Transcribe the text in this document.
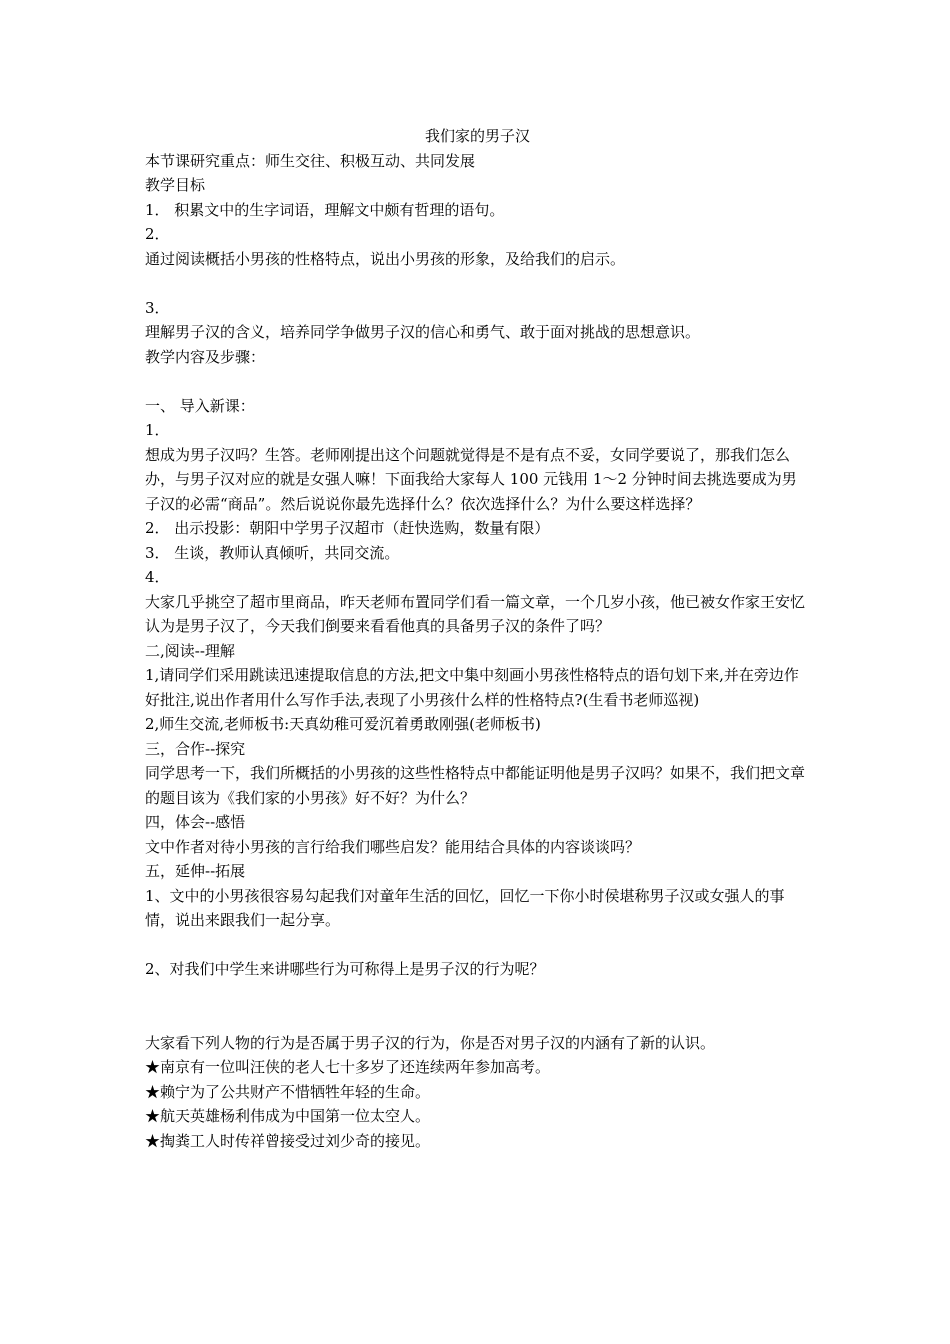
我们家的男子汉
本节课研究重点：师生交往、积极互动、共同发展
教学目标
1． 积累文中的生字词语，理解文中颇有哲理的语句。
2．
通过阅读概括小男孩的性格特点，说出小男孩的形象，及给我们的启示。
3．
理解男子汉的含义，培养同学争做男子汉的信心和勇气、敢于面对挑战的思想意识。
教学内容及步骤：
一、 导入新课：
1．
想成为男子汉吗？生答。老师刚提出这个问题就觉得是不是有点不妥，女同学要说了，那我们怎么办，与男子汉对应的就是女强人嘛！下面我给大家每人 100 元钱用 1～2 分钟时间去挑选要成为男子汉的必需“商品”。然后说说你最先选择什么？依次选择什么？为什么要这样选择？
2． 出示投影：朝阳中学男子汉超市（赶快选购，数量有限）
3． 生谈，教师认真倾听，共同交流。
4．
大家几乎挑空了超市里商品，昨天老师布置同学们看一篇文章，一个几岁小孩，他已被女作家王安忆认为是男子汉了，今天我们倒要来看看他真的具备男子汉的条件了吗？
二,阅读--理解
1,请同学们采用跳读迅速提取信息的方法,把文中集中刻画小男孩性格特点的语句划下来,并在旁边作好批注,说出作者用什么写作手法,表现了小男孩什么样的性格特点?(生看书老师巡视)
2,师生交流,老师板书:天真幼稚可爱沉着勇敢刚强(老师板书)
三，合作--探究
同学思考一下，我们所概括的小男孩的这些性格特点中都能证明他是男子汉吗？如果不，我们把文章的题目该为《我们家的小男孩》好不好？为什么？
四，体会--感悟
文中作者对待小男孩的言行给我们哪些启发？能用结合具体的内容谈谈吗？
五，延伸--拓展
1、文中的小男孩很容易勾起我们对童年生活的回忆，回忆一下你小时侯堪称男子汉或女强人的事情，说出来跟我们一起分享。
2、对我们中学生来讲哪些行为可称得上是男子汉的行为呢？
大家看下列人物的行为是否属于男子汉的行为，你是否对男子汉的内涵有了新的认识。
★南京有一位叫汪侠的老人七十多岁了还连续两年参加高考。
★赖宁为了公共财产不惜牺牲年轻的生命。
★航天英雄杨利伟成为中国第一位太空人。
★掏粪工人时传祥曾接受过刘少奇的接见。
